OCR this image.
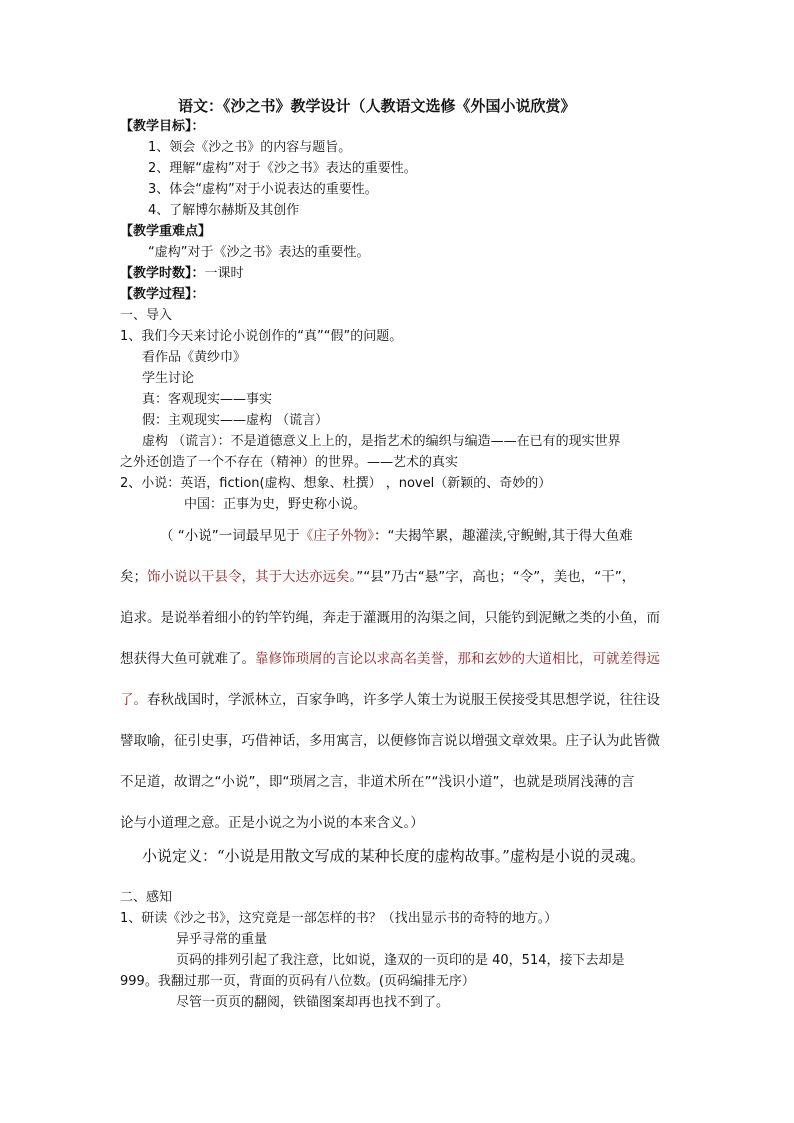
语文：《沙之书》教学设计（人教语文选修《外国小说欣赏》
【教学目标】：
1、领会《沙之书》的内容与题旨。
2、理解“虚构”对于《沙之书》表达的重要性。
3、体会“虚构”对于小说表达的重要性。
4、了解博尔赫斯及其创作
【教学重难点】
“虚构”对于《沙之书》表达的重要性。
【教学时数】：一课时
【教学过程】：
一、导入
1、我们今天来讨论小说创作的“真”“假”的问题。
看作品《黄纱巾》
学生讨论
真：客观现实——事实
假：主观现实——虚构 （谎言）
虚构 （谎言）：不是道德意义上上的，是指艺术的编织与编造——在已有的现实世界
之外还创造了一个不存在（精神）的世界。——艺术的真实
2、小说：英语，fiction(虚构、想象、杜撰） ，novel（新颖的、奇妙的）
中国：正事为史，野史称小说。
（ “小说”一词最早见于《庄子外物》：“夫揭竿累，趣灌渎,守鲵鲋,其于得大鱼难
矣；饰小说以干县令，其于大达亦远矣。”“县”乃古“悬”字，高也；“令”，美也，“干”，
追求。是说举着细小的钓竿钓绳，奔走于灌溉用的沟渠之间，只能钓到泥鳅之类的小鱼，而
想获得大鱼可就难了。靠修饰琐屑的言论以求高名美誉，那和玄妙的大道相比，可就差得远
了。春秋战国时，学派林立，百家争鸣，许多学人策士为说服王侯接受其思想学说，往往设
譬取喻，征引史事，巧借神话，多用寓言，以便修饰言说以增强文章效果。庄子认为此皆微
不足道，故谓之“小说”，即“琐屑之言，非道术所在”“浅识小道”，也就是琐屑浅薄的言
论与小道理之意。正是小说之为小说的本来含义。）
小说定义：“小说是用散文写成的某种长度的虚构故事。”虚构是小说的灵魂。
二、感知
1、研读《沙之书》，这究竟是一部怎样的书？（找出显示书的奇特的地方。）
异乎寻常的重量
页码的排列引起了我注意，比如说，逢双的一页印的是 40，514，接下去却是
999。我翻过那一页，背面的页码有八位数。(页码编排无序）
尽管一页页的翻阅，铁锚图案却再也找不到了。
